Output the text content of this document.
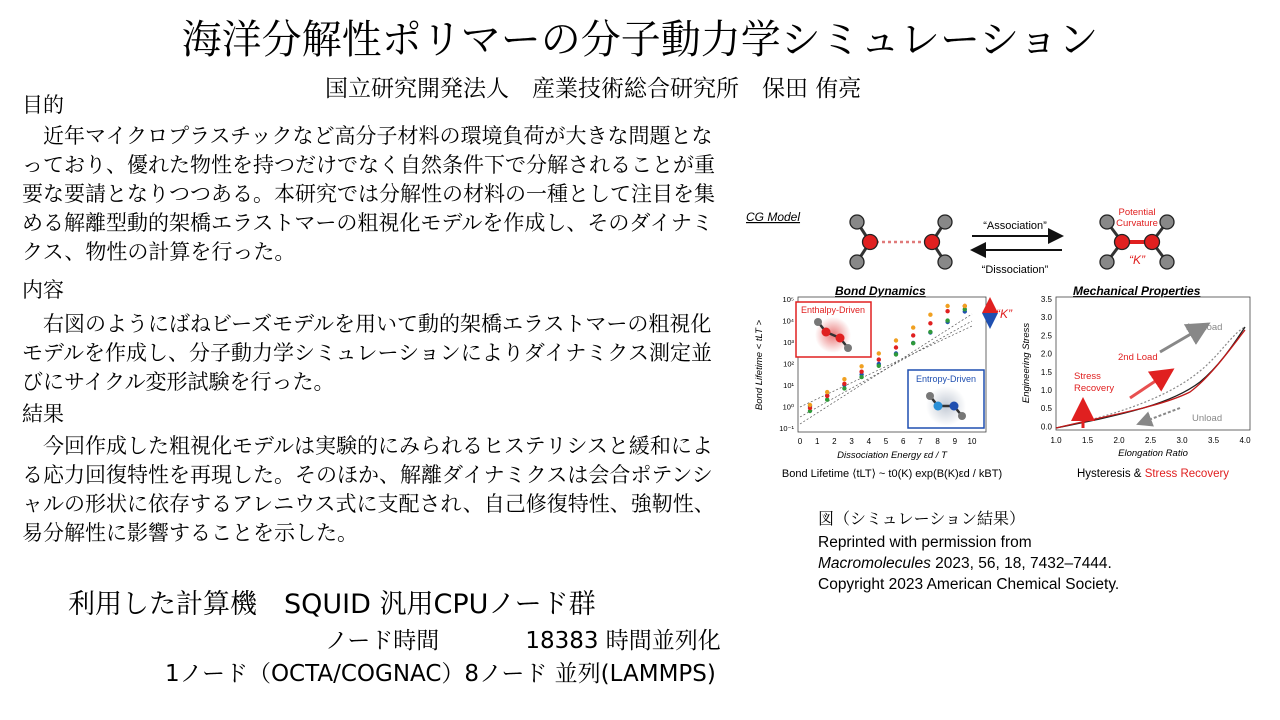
海洋分解性ポリマーの分子動力学シミュレーション
国立研究開発法人　産業技術総合研究所　保田 侑亮
目的
近年マイクロプラスチックなど高分子材料の環境負荷が大きな問題となっており、優れた物性を持つだけでなく自然条件下で分解されることが重要な要請となりつつある。本研究では分解性の材料の一種として注目を集める解離型動的架橋エラストマーの粗視化モデルを作成し、そのダイナミクス、物性の計算を行った。
内容
右図のようにばねビーズモデルを用いて動的架橋エラストマーの粗視化モデルを作成し、分子動力学シミュレーションによりダイナミクス測定並びにサイクル変形試験を行った。
結果
今回作成した粗視化モデルは実験的にみられるヒステリシスと緩和による応力回復特性を再現した。そのほか、解離ダイナミクスは会合ポテンシャルの形状に依存するアレニウス式に支配され、自己修復特性、強靭性、易分解性に影響することを示した。
利用した計算機　 SQUID 汎用CPUノード群
ノード時間	18383 時間並列化
1ノード（OCTA/COGNAC）8ノード 並列(LAMMPS)
CG Model
“Association”
“Dissociation”
Potential
Curvature
“K”
Bond Dynamics	Mechanical Properties
0 1 2 3 4 5 6 7 8 9 10
10⁵
10⁴
10³
10²
10¹
10⁰
10⁻¹
Dissociation Energy εd / T
Bond Lifetime < tLT >
Enthalpy-Driven
Entropy-Driven
“K”
Bond Lifetime ⟨tLT⟩ ~ t0(K) exp(B(K)εd / kBT)
1.0	1.5	2.0	2.5	3.0	3.5	4.0
3.5
3.0
2.5
2.0
1.5
1.0
0.5
0.0
1st Load
2nd Load
Stress
Recovery
Unload
Elongation Ratio
Engineering Stress
Hysteresis & Stress Recovery
図（シミュレーション結果）
Reprinted with permission from
Macromolecules 2023, 56, 18, 7432–7444.
Copyright 2023 American Chemical Society.
